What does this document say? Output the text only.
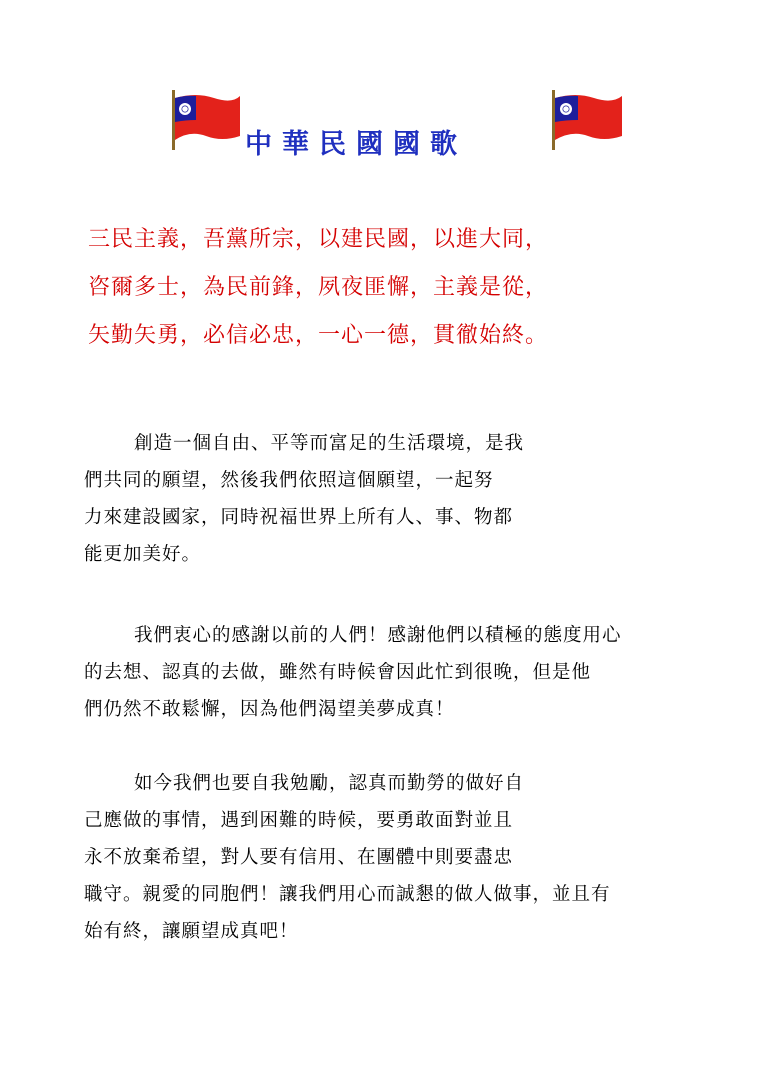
中華民國國歌
三民主義，吾黨所宗，以建民國，以進大同，
咨爾多士，為民前鋒，夙夜匪懈，主義是從，
矢勤矢勇，必信必忠，一心一德，貫徹始終。
創造一個自由、平等而富足的生活環境，是我
們共同的願望，然後我們依照這個願望，一起努
力來建設國家，同時祝福世界上所有人、事、物都
能更加美好。
我們衷心的感謝以前的人們！感謝他們以積極的態度用心
的去想、認真的去做，雖然有時候會因此忙到很晚，但是他
們仍然不敢鬆懈，因為他們渴望美夢成真！
如今我們也要自我勉勵，認真而勤勞的做好自
己應做的事情，遇到困難的時候，要勇敢面對並且
永不放棄希望，對人要有信用、在團體中則要盡忠
職守。親愛的同胞們！讓我們用心而誠懇的做人做事，並且有
始有終，讓願望成真吧！
